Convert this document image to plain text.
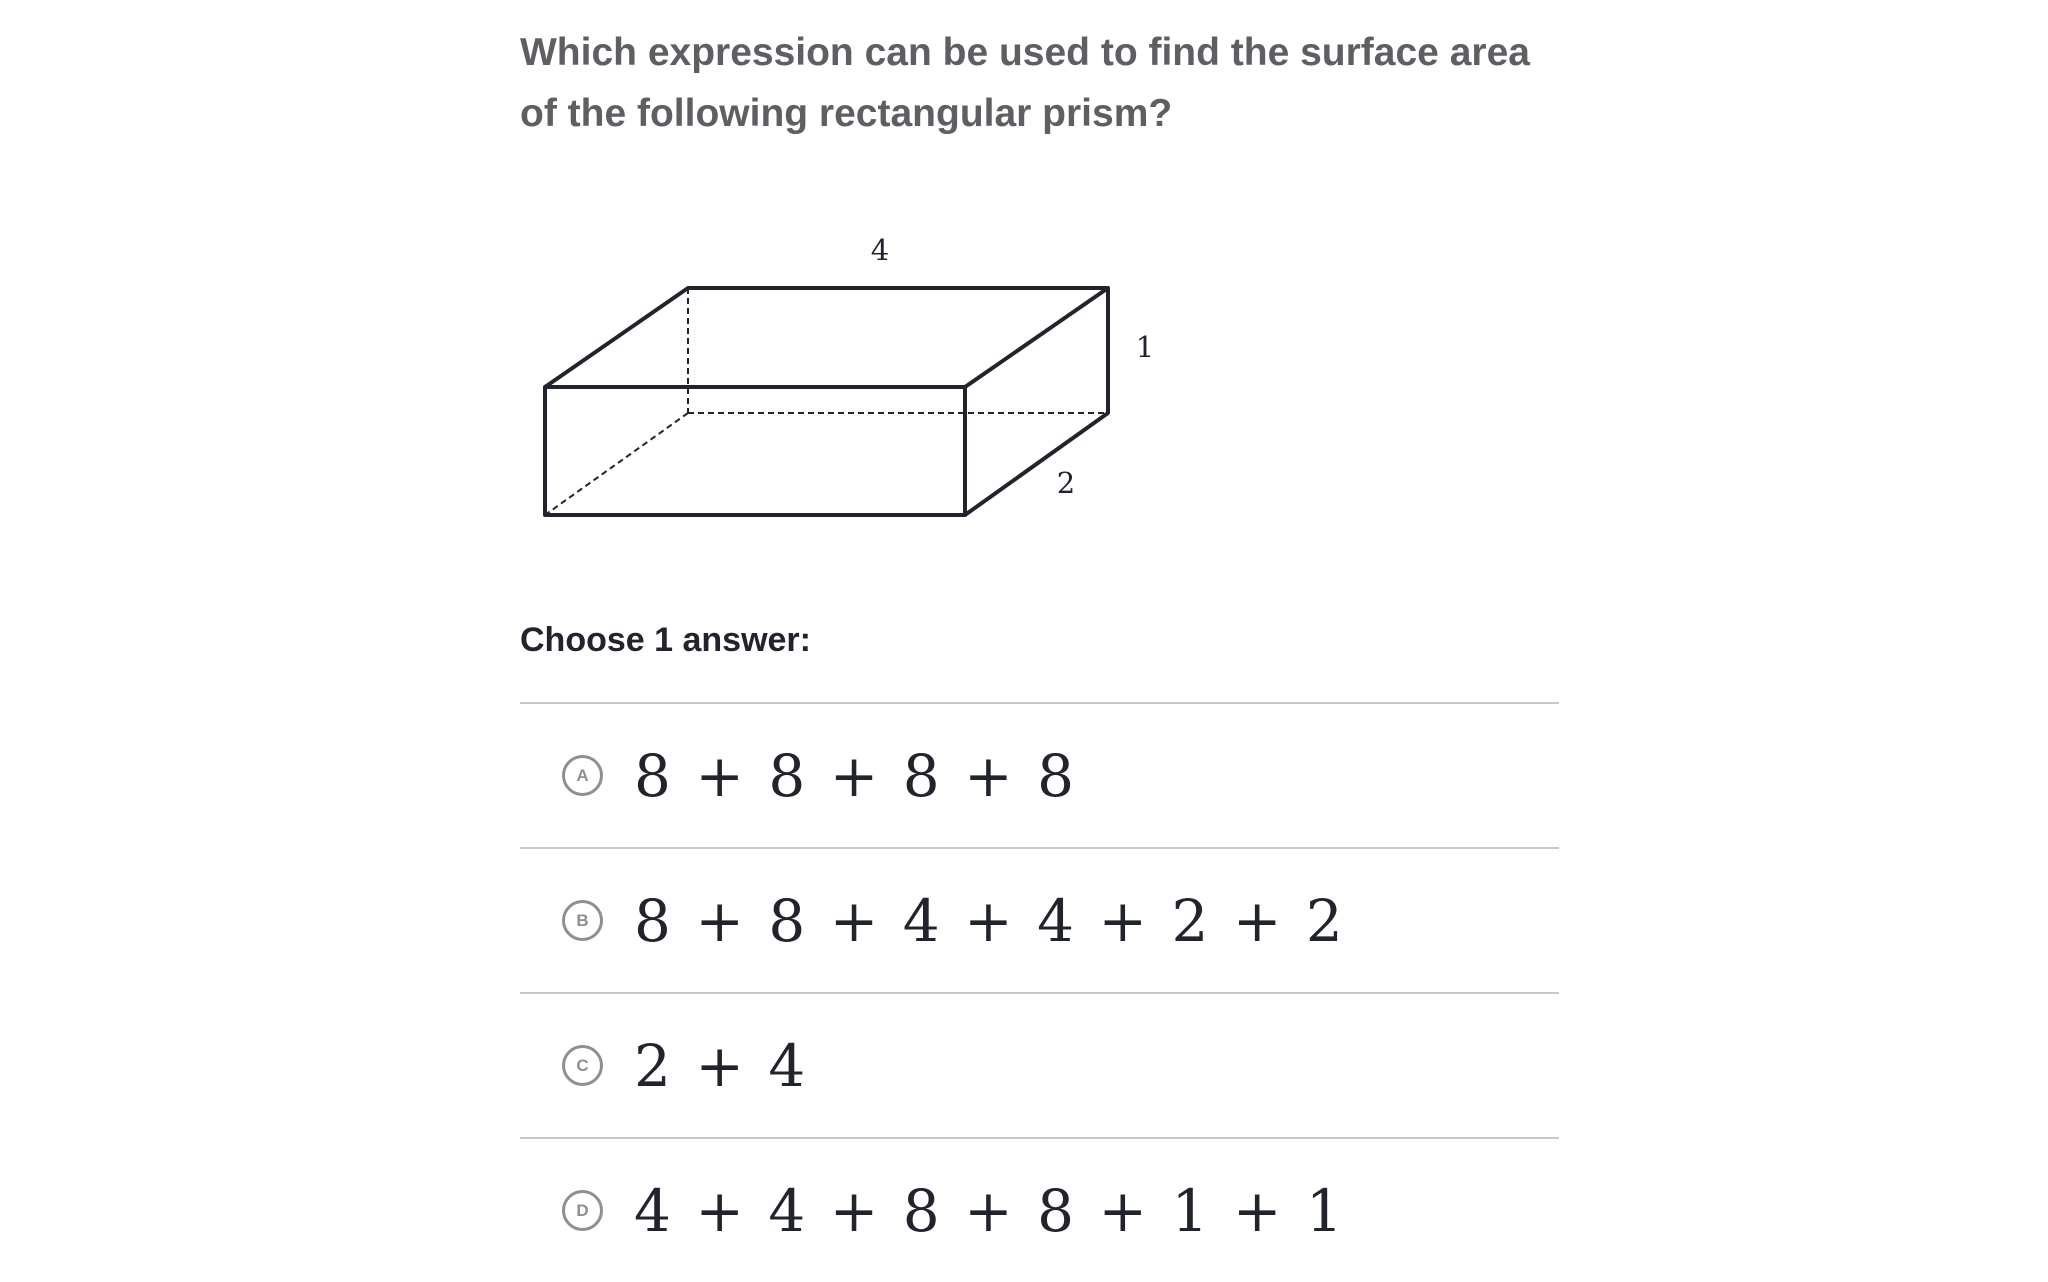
Which expression can be used to find the surface area of the following rectangular prism?

4
1
2
Choose 1 answer:
A 8 + 8 + 8 + 8
B 8 + 8 + 4 + 4 + 2 + 2
C 2 + 4
D 4 + 4 + 8 + 8 + 1 + 1
